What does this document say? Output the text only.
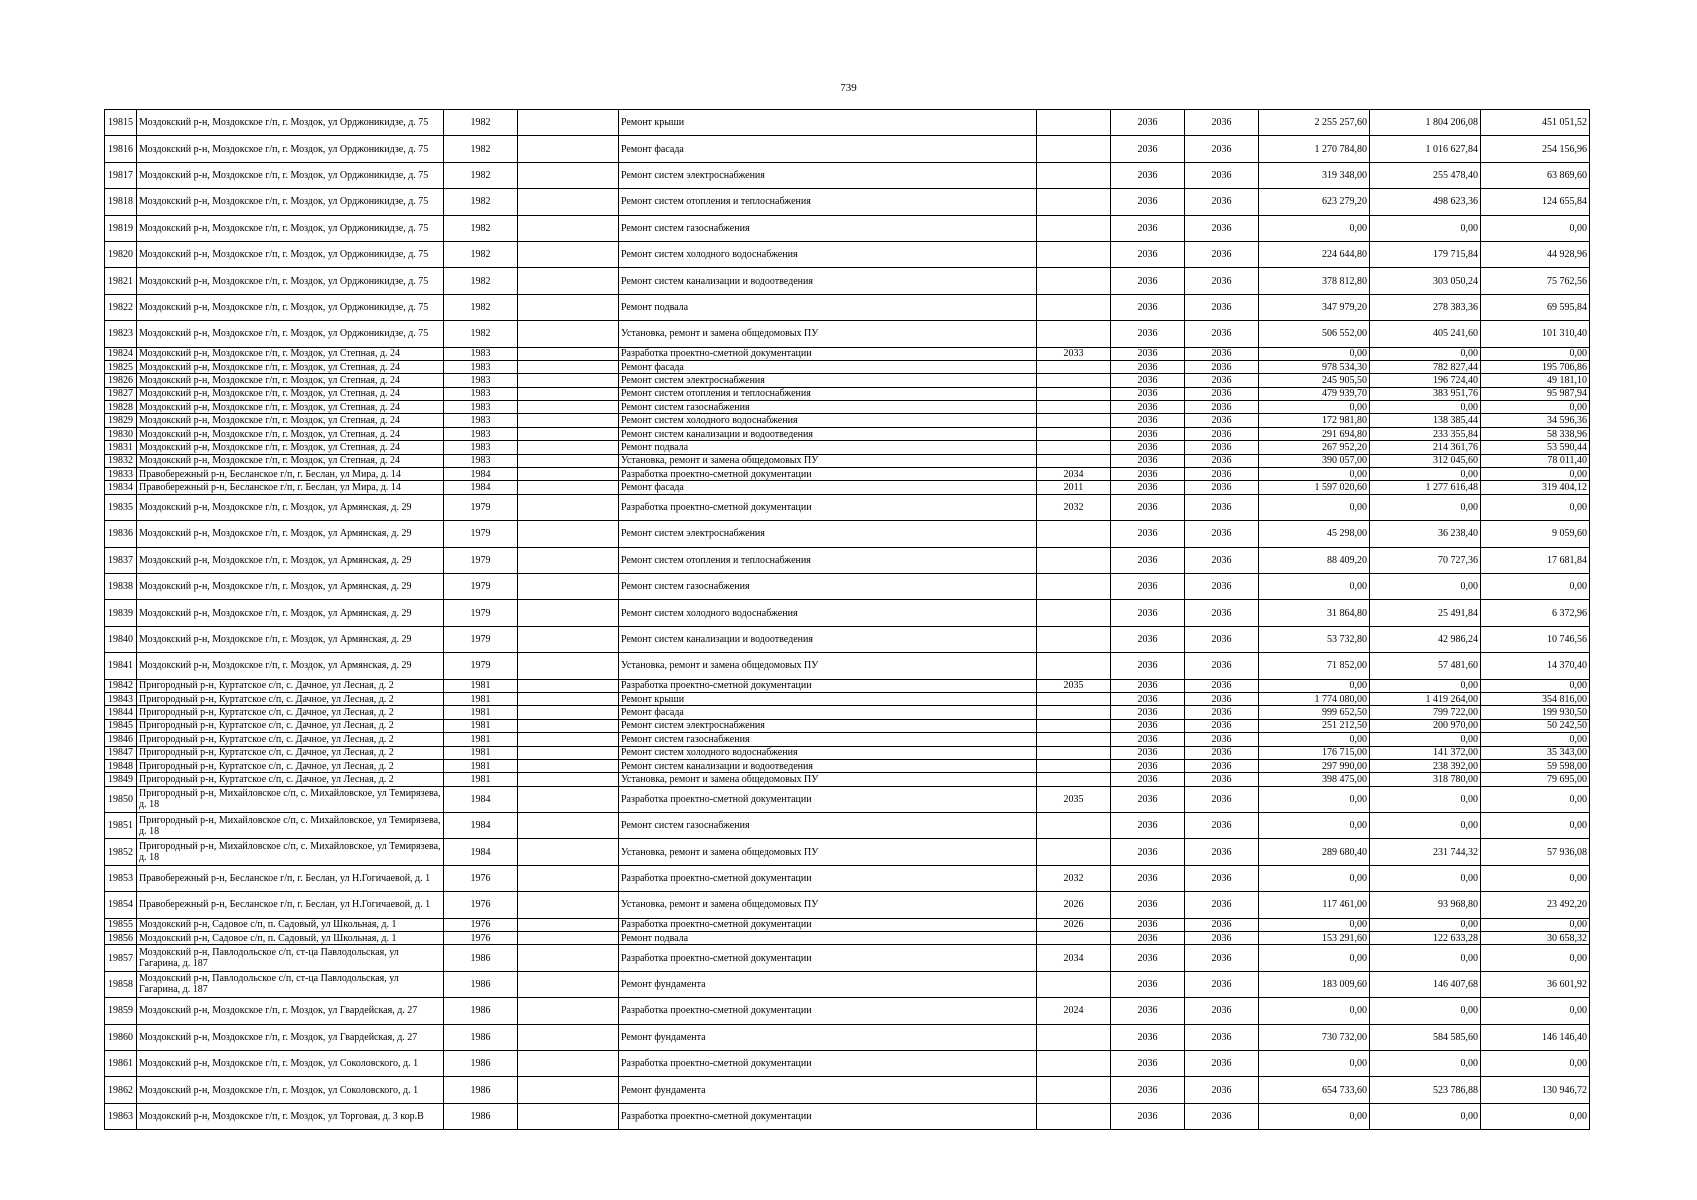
739
19815	Моздокский р-н, Моздокское г/п, г. Моздок, ул Орджоникидзе, д. 75	1982		Ремонт крыши		2036	2036	2 255 257,60	1 804 206,08	451 051,52
19816	Моздокский р-н, Моздокское г/п, г. Моздок, ул Орджоникидзе, д. 75	1982		Ремонт фасада		2036	2036	1 270 784,80	1 016 627,84	254 156,96
19817	Моздокский р-н, Моздокское г/п, г. Моздок, ул Орджоникидзе, д. 75	1982		Ремонт систем электроснабжения		2036	2036	319 348,00	255 478,40	63 869,60
19818	Моздокский р-н, Моздокское г/п, г. Моздок, ул Орджоникидзе, д. 75	1982		Ремонт систем отопления и теплоснабжения		2036	2036	623 279,20	498 623,36	124 655,84
19819	Моздокский р-н, Моздокское г/п, г. Моздок, ул Орджоникидзе, д. 75	1982		Ремонт систем газоснабжения		2036	2036	0,00	0,00	0,00
19820	Моздокский р-н, Моздокское г/п, г. Моздок, ул Орджоникидзе, д. 75	1982		Ремонт систем холодного водоснабжения		2036	2036	224 644,80	179 715,84	44 928,96
19821	Моздокский р-н, Моздокское г/п, г. Моздок, ул Орджоникидзе, д. 75	1982		Ремонт систем канализации и водоотведения		2036	2036	378 812,80	303 050,24	75 762,56
19822	Моздокский р-н, Моздокское г/п, г. Моздок, ул Орджоникидзе, д. 75	1982		Ремонт подвала		2036	2036	347 979,20	278 383,36	69 595,84
19823	Моздокский р-н, Моздокское г/п, г. Моздок, ул Орджоникидзе, д. 75	1982		Установка, ремонт и замена общедомовых ПУ		2036	2036	506 552,00	405 241,60	101 310,40
19824	Моздокский р-н, Моздокское г/п, г. Моздок, ул Степная, д. 24	1983		Разработка проектно-сметной документации	2033	2036	2036	0,00	0,00	0,00
19825	Моздокский р-н, Моздокское г/п, г. Моздок, ул Степная, д. 24	1983		Ремонт фасада		2036	2036	978 534,30	782 827,44	195 706,86
19826	Моздокский р-н, Моздокское г/п, г. Моздок, ул Степная, д. 24	1983		Ремонт систем электроснабжения		2036	2036	245 905,50	196 724,40	49 181,10
19827	Моздокский р-н, Моздокское г/п, г. Моздок, ул Степная, д. 24	1983		Ремонт систем отопления и теплоснабжения		2036	2036	479 939,70	383 951,76	95 987,94
19828	Моздокский р-н, Моздокское г/п, г. Моздок, ул Степная, д. 24	1983		Ремонт систем газоснабжения		2036	2036	0,00	0,00	0,00
19829	Моздокский р-н, Моздокское г/п, г. Моздок, ул Степная, д. 24	1983		Ремонт систем холодного водоснабжения		2036	2036	172 981,80	138 385,44	34 596,36
19830	Моздокский р-н, Моздокское г/п, г. Моздок, ул Степная, д. 24	1983		Ремонт систем канализации и водоотведения		2036	2036	291 694,80	233 355,84	58 338,96
19831	Моздокский р-н, Моздокское г/п, г. Моздок, ул Степная, д. 24	1983		Ремонт подвала		2036	2036	267 952,20	214 361,76	53 590,44
19832	Моздокский р-н, Моздокское г/п, г. Моздок, ул Степная, д. 24	1983		Установка, ремонт и замена общедомовых ПУ		2036	2036	390 057,00	312 045,60	78 011,40
19833	Правобережный р-н, Бесланское г/п, г. Беслан, ул Мира, д. 14	1984		Разработка проектно-сметной документации	2034	2036	2036	0,00	0,00	0,00
19834	Правобережный р-н, Бесланское г/п, г. Беслан, ул Мира, д. 14	1984		Ремонт фасада	2011	2036	2036	1 597 020,60	1 277 616,48	319 404,12
19835	Моздокский р-н, Моздокское г/п, г. Моздок, ул Армянская, д. 29	1979		Разработка проектно-сметной документации	2032	2036	2036	0,00	0,00	0,00
19836	Моздокский р-н, Моздокское г/п, г. Моздок, ул Армянская, д. 29	1979		Ремонт систем электроснабжения		2036	2036	45 298,00	36 238,40	9 059,60
19837	Моздокский р-н, Моздокское г/п, г. Моздок, ул Армянская, д. 29	1979		Ремонт систем отопления и теплоснабжения		2036	2036	88 409,20	70 727,36	17 681,84
19838	Моздокский р-н, Моздокское г/п, г. Моздок, ул Армянская, д. 29	1979		Ремонт систем газоснабжения		2036	2036	0,00	0,00	0,00
19839	Моздокский р-н, Моздокское г/п, г. Моздок, ул Армянская, д. 29	1979		Ремонт систем холодного водоснабжения		2036	2036	31 864,80	25 491,84	6 372,96
19840	Моздокский р-н, Моздокское г/п, г. Моздок, ул Армянская, д. 29	1979		Ремонт систем канализации и водоотведения		2036	2036	53 732,80	42 986,24	10 746,56
19841	Моздокский р-н, Моздокское г/п, г. Моздок, ул Армянская, д. 29	1979		Установка, ремонт и замена общедомовых ПУ		2036	2036	71 852,00	57 481,60	14 370,40
19842	Пригородный р-н, Куртатское с/п, с. Дачное, ул Лесная, д. 2	1981		Разработка проектно-сметной документации	2035	2036	2036	0,00	0,00	0,00
19843	Пригородный р-н, Куртатское с/п, с. Дачное, ул Лесная, д. 2	1981		Ремонт крыши		2036	2036	1 774 080,00	1 419 264,00	354 816,00
19844	Пригородный р-н, Куртатское с/п, с. Дачное, ул Лесная, д. 2	1981		Ремонт фасада		2036	2036	999 652,50	799 722,00	199 930,50
19845	Пригородный р-н, Куртатское с/п, с. Дачное, ул Лесная, д. 2	1981		Ремонт систем электроснабжения		2036	2036	251 212,50	200 970,00	50 242,50
19846	Пригородный р-н, Куртатское с/п, с. Дачное, ул Лесная, д. 2	1981		Ремонт систем газоснабжения		2036	2036	0,00	0,00	0,00
19847	Пригородный р-н, Куртатское с/п, с. Дачное, ул Лесная, д. 2	1981		Ремонт систем холодного водоснабжения		2036	2036	176 715,00	141 372,00	35 343,00
19848	Пригородный р-н, Куртатское с/п, с. Дачное, ул Лесная, д. 2	1981		Ремонт систем канализации и водоотведения		2036	2036	297 990,00	238 392,00	59 598,00
19849	Пригородный р-н, Куртатское с/п, с. Дачное, ул Лесная, д. 2	1981		Установка, ремонт и замена общедомовых ПУ		2036	2036	398 475,00	318 780,00	79 695,00
19850	Пригородный р-н, Михайловское с/п, с. Михайловское, ул Темирязева, д. 18	1984		Разработка проектно-сметной документации	2035	2036	2036	0,00	0,00	0,00
19851	Пригородный р-н, Михайловское с/п, с. Михайловское, ул Темирязева, д. 18	1984		Ремонт систем газоснабжения		2036	2036	0,00	0,00	0,00
19852	Пригородный р-н, Михайловское с/п, с. Михайловское, ул Темирязева, д. 18	1984		Установка, ремонт и замена общедомовых ПУ		2036	2036	289 680,40	231 744,32	57 936,08
19853	Правобережный р-н, Бесланское г/п, г. Беслан, ул Н.Гогичаевой, д. 1	1976		Разработка проектно-сметной документации	2032	2036	2036	0,00	0,00	0,00
19854	Правобережный р-н, Бесланское г/п, г. Беслан, ул Н.Гогичаевой, д. 1	1976		Установка, ремонт и замена общедомовых ПУ	2026	2036	2036	117 461,00	93 968,80	23 492,20
19855	Моздокский р-н, Садовое с/п, п. Садовый, ул Школьная, д. 1	1976		Разработка проектно-сметной документации	2026	2036	2036	0,00	0,00	0,00
19856	Моздокский р-н, Садовое с/п, п. Садовый, ул Школьная, д. 1	1976		Ремонт подвала		2036	2036	153 291,60	122 633,28	30 658,32
19857	Моздокский р-н, Павлодольское с/п, ст-ца Павлодольская, ул Гагарина, д. 187	1986		Разработка проектно-сметной документации	2034	2036	2036	0,00	0,00	0,00
19858	Моздокский р-н, Павлодольское с/п, ст-ца Павлодольская, ул Гагарина, д. 187	1986		Ремонт фундамента		2036	2036	183 009,60	146 407,68	36 601,92
19859	Моздокский р-н, Моздокское г/п, г. Моздок, ул Гвардейская, д. 27	1986		Разработка проектно-сметной документации	2024	2036	2036	0,00	0,00	0,00
19860	Моздокский р-н, Моздокское г/п, г. Моздок, ул Гвардейская, д. 27	1986		Ремонт фундамента		2036	2036	730 732,00	584 585,60	146 146,40
19861	Моздокский р-н, Моздокское г/п, г. Моздок, ул Соколовского, д. 1	1986		Разработка проектно-сметной документации		2036	2036	0,00	0,00	0,00
19862	Моздокский р-н, Моздокское г/п, г. Моздок, ул Соколовского, д. 1	1986		Ремонт фундамента		2036	2036	654 733,60	523 786,88	130 946,72
19863	Моздокский р-н, Моздокское г/п, г. Моздок, ул Торговая, д. 3 кор.В	1986		Разработка проектно-сметной документации		2036	2036	0,00	0,00	0,00
